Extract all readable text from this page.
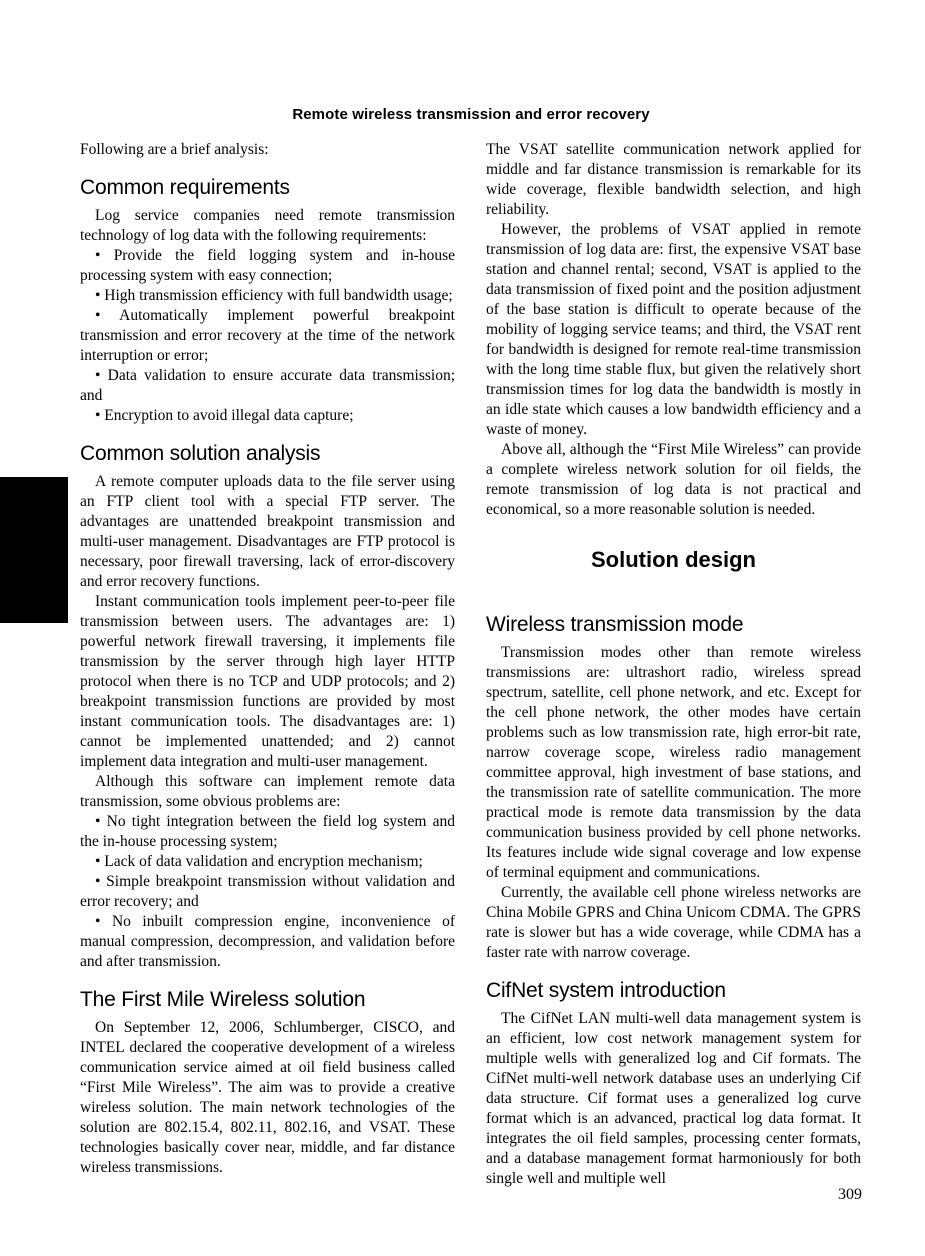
Remote wireless transmission and error recovery

Following are a brief analysis:

Common requirements

Log service companies need remote transmission technology of log data with the following requirements:

• Provide the field logging system and in-house processing system with easy connection;

• High transmission efficiency with full bandwidth usage;

• Automatically implement powerful breakpoint transmission and error recovery at the time of the network interruption or error;

• Data validation to ensure accurate data transmission; and

• Encryption to avoid illegal data capture;

Common solution analysis

A remote computer uploads data to the file server using an FTP client tool with a special FTP server. The advantages are unattended breakpoint transmission and multi-user management. Disadvantages are FTP protocol is necessary, poor firewall traversing, lack of error-discovery and error recovery functions.

Instant communication tools implement peer-to-peer file transmission between users. The advantages are: 1) powerful network firewall traversing, it implements file transmission by the server through high layer HTTP protocol when there is no TCP and UDP protocols; and 2) breakpoint transmission functions are provided by most instant communication tools. The disadvantages are: 1) cannot be implemented unattended; and 2) cannot implement data integration and multi-user management.

Although this software can implement remote data transmission, some obvious problems are:

• No tight integration between the field log system and the in-house processing system;

• Lack of data validation and encryption mechanism;

• Simple breakpoint transmission without validation and error recovery; and

• No inbuilt compression engine, inconvenience of manual compression, decompression, and validation before and after transmission.

The First Mile Wireless solution

On September 12, 2006, Schlumberger, CISCO, and INTEL declared the cooperative development of a wireless communication service aimed at oil field business called “First Mile Wireless”. The aim was to provide a creative wireless solution. The main network technologies of the solution are 802.15.4, 802.11, 802.16, and VSAT. These technologies basically cover near, middle, and far distance wireless transmissions.

The VSAT satellite communication network applied for middle and far distance transmission is remarkable for its wide coverage, flexible bandwidth selection, and high reliability.

However, the problems of VSAT applied in remote transmission of log data are: first, the expensive VSAT base station and channel rental; second, VSAT is applied to the data transmission of fixed point and the position adjustment of the base station is difficult to operate because of the mobility of logging service teams; and third, the VSAT rent for bandwidth is designed for remote real-time transmission with the long time stable flux, but given the relatively short transmission times for log data the bandwidth is mostly in an idle state which causes a low bandwidth efficiency and a waste of money.

Above all, although the “First Mile Wireless” can provide a complete wireless network solution for oil fields, the remote transmission of log data is not practical and economical, so a more reasonable solution is needed.

Solution design
Wireless transmission mode

Transmission modes other than remote wireless transmissions are: ultrashort radio, wireless spread spectrum, satellite, cell phone network, and etc. Except for the cell phone network, the other modes have certain problems such as low transmission rate, high error-bit rate, narrow coverage scope, wireless radio management committee approval, high investment of base stations, and the transmission rate of satellite communication. The more practical mode is remote data transmission by the data communication business provided by cell phone networks. Its features include wide signal coverage and low expense of terminal equipment and communications.

Currently, the available cell phone wireless networks are China Mobile GPRS and China Unicom CDMA. The GPRS rate is slower but has a wide coverage, while CDMA has a faster rate with narrow coverage.

CifNet system introduction

The CifNet LAN multi-well data management system is an efficient, low cost network management system for multiple wells with generalized log and Cif formats. The CifNet multi-well network database uses an underlying Cif data structure. Cif format uses a generalized log curve format which is an advanced, practical log data format. It integrates the oil field samples, processing center formats, and a database management format harmoniously for both single well and multiple well

309
